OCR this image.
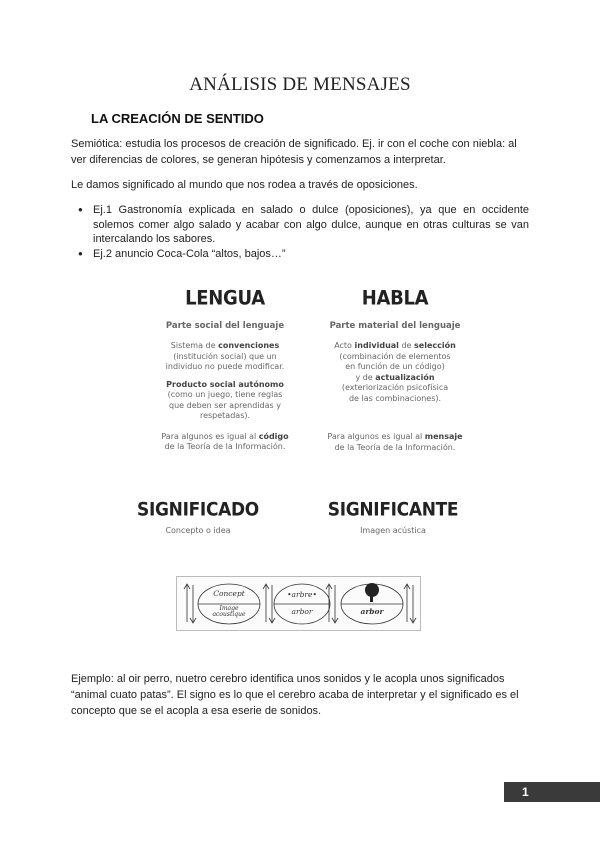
ANÁLISIS DE MENSAJES
LA CREACIÓN DE SENTIDO
Semiótica: estudia los procesos de creación de significado. Ej. ir con el coche con niebla: al ver diferencias de colores, se generan hipótesis y comenzamos a interpretar.
Le damos significado al mundo que nos rodea a través de oposiciones.
● Ej.1 Gastronomía explicada en salado o dulce (oposiciones), ya que en occidente solemos comer algo salado y acabar con algo dulce, aunque en otras culturas se van intercalando los sabores.
● Ej.2 anuncio Coca-Cola “altos, bajos…”
LENGUA
Parte social del lenguaje
Sistema de convenciones
(institución social) que un
individuo no puede modificar.
Producto social autónomo
(como un juego, tiene reglas
que deben ser aprendidas y
respetadas).
Para algunos es igual al código
de la Teoría de la Información.
HABLA
Parte material del lenguaje
Acto individual de selección
(combinación de elementos
en función de un código)
y de actualización
(exteriorización psicofísica
de las combinaciones).
Para algunos es igual al mensaje
de la Teoría de la Información.
SIGNIFICADO
Concepto o idea
SIGNIFICANTE
Imagen acústica
Concept
Image
acoustique
•arbre•
arbor	arbor
Ejemplo: al oir perro, nuetro cerebro identifica unos sonidos y le acopla unos significados “animal cuato patas”. El signo es lo que el cerebro acaba de interpretar y el significado es el concepto que se el acopla a esa eserie de sonidos.
1
